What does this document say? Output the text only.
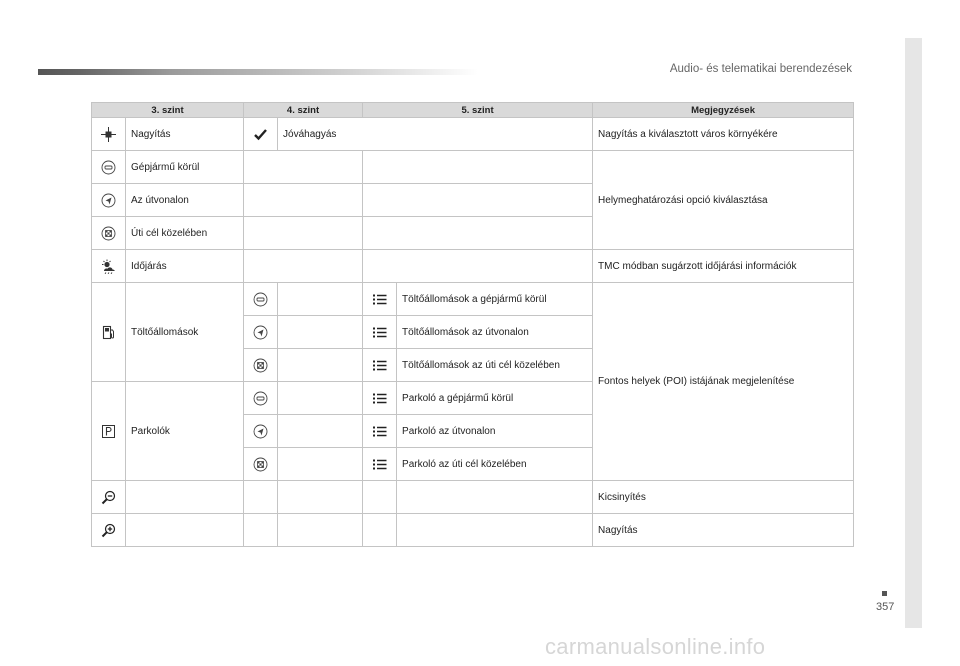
Audio- és telematikai berendezések
3. szint		4. szint		5. szint		Megjegyzések

	Nagyítás		Jóváhagyás			Nagyítás a kiválasztott város környékére

	Gépjármű körül					Helymeghatározási opció kiválasztása

	Az útvonalon					

	Úti cél közelében					

	Időjárás					TMC módban sugárzott időjárási információk

	Töltőállomások				Töltőállomások a gépjármű körül	Fontos helyek (POI) istájának megjelenítése

	Töltőállomások az útvonalon	

	Töltőállomások az úti cél közelében	

	Parkolók				Parkoló a gépjármű körül	

	Parkoló az útvonalon	

	Parkoló az úti cél közelében	

						Kicsinyítés

						Nagyítás
357
carmanualsonline.info
